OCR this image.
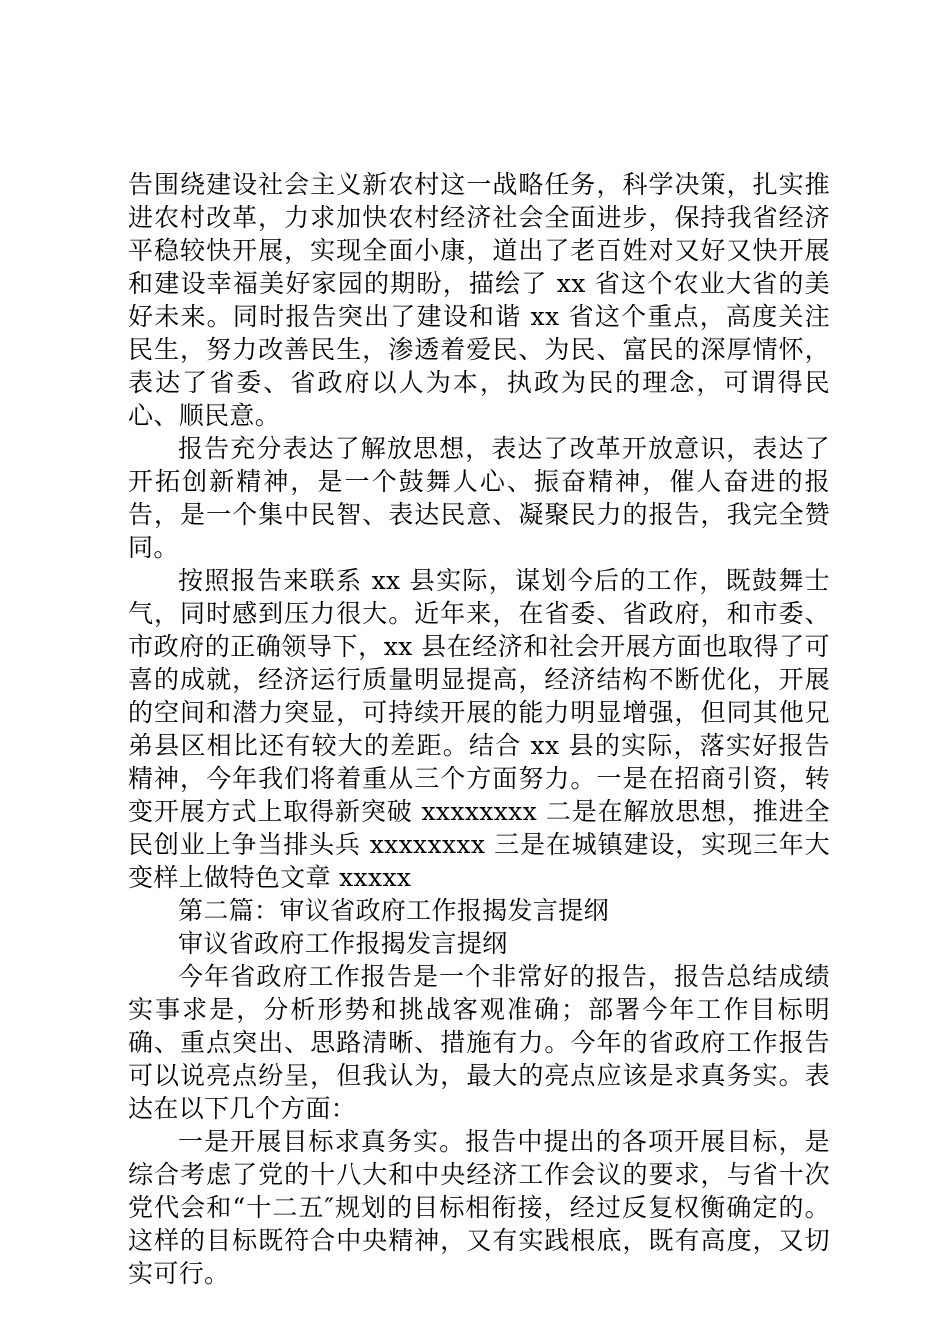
告围绕建设社会主义新农村这一战略任务，科学决策，扎实推进农村改革，力求加快农村经济社会全面进步，保持我省经济平稳较快开展，实现全面小康，道出了老百姓对又好又快开展和建设幸福美好家园的期盼，描绘了 xx 省这个农业大省的美好未来。同时报告突出了建设和谐 xx 省这个重点，高度关注民生，努力改善民生，渗透着爱民、为民、富民的深厚情怀，表达了省委、省政府以人为本，执政为民的理念，可谓得民心、顺民意。

报告充分表达了解放思想，表达了改革开放意识，表达了开拓创新精神，是一个鼓舞人心、振奋精神，催人奋进的报告，是一个集中民智、表达民意、凝聚民力的报告，我完全赞同。

按照报告来联系 xx 县实际，谋划今后的工作，既鼓舞士气，同时感到压力很大。近年来，在省委、省政府，和市委、市政府的正确领导下，xx 县在经济和社会开展方面也取得了可喜的成就，经济运行质量明显提高，经济结构不断优化，开展的空间和潜力突显，可持续开展的能力明显增强，但同其他兄弟县区相比还有较大的差距。结合 xx 县的实际，落实好报告精神，今年我们将着重从三个方面努力。一是在招商引资，转变开展方式上取得新突破 xxxxxxxx 二是在解放思想，推进全民创业上争当排头兵 xxxxxxxx 三是在城镇建设，实现三年大变样上做特色文章 xxxxx

第二篇：审议省政府工作报揭发言提纲

审议省政府工作报揭发言提纲

今年省政府工作报告是一个非常好的报告，报告总结成绩实事求是，分析形势和挑战客观准确；部署今年工作目标明确、重点突出、思路清晰、措施有力。今年的省政府工作报告可以说亮点纷呈，但我认为，最大的亮点应该是求真务实。表达在以下几个方面：

一是开展目标求真务实。报告中提出的各项开展目标，是综合考虑了党的十八大和中央经济工作会议的要求，与省十次党代会和“十二五″规划的目标相衔接，经过反复权衡确定的。这样的目标既符合中央精神，又有实践根底，既有高度，又切实可行。
